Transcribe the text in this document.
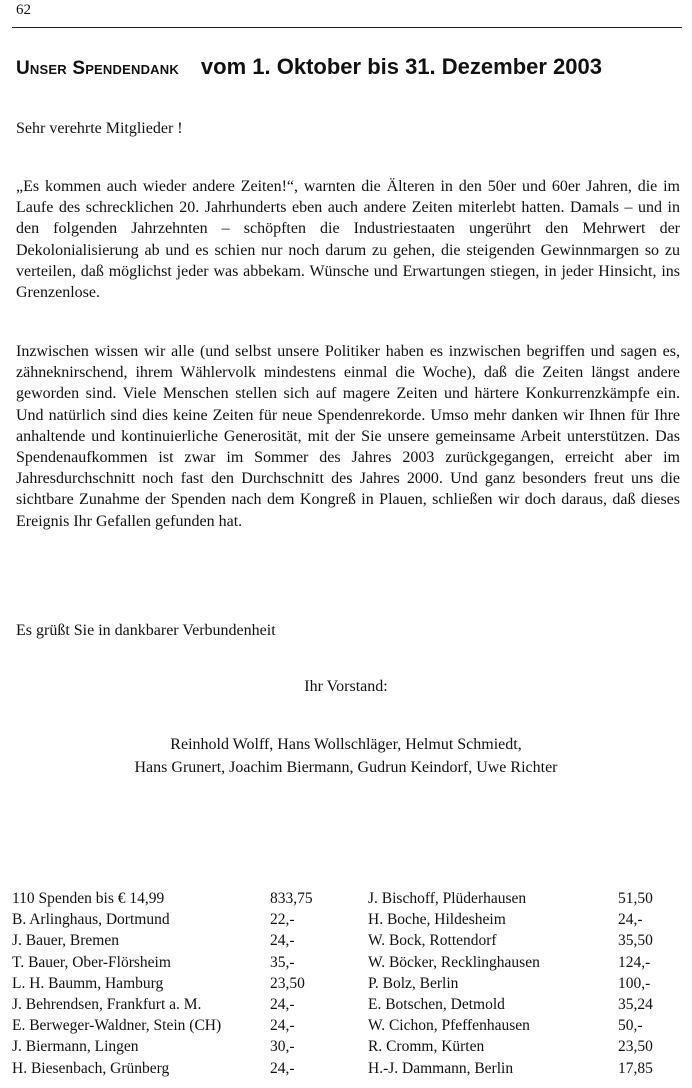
62
Unser Spendendank vom 1. Oktober bis 31. Dezember 2003
Sehr verehrte Mitglieder !

„Es kommen auch wieder andere Zeiten!“, warnten die Älteren in den 50er und 60er Jahren, die im Laufe des schrecklichen 20. Jahrhunderts eben auch andere Zeiten miterlebt hatten. Damals – und in den folgenden Jahrzehnten – schöpften die Industriestaaten ungerührt den Mehrwert der Dekolonialisierung ab und es schien nur noch darum zu gehen, die steigenden Gewinnmargen so zu verteilen, daß möglichst jeder was abbekam. Wünsche und Erwartungen stiegen, in jeder Hinsicht, ins Grenzenlose.

Inzwischen wissen wir alle (und selbst unsere Politiker haben es inzwischen begriffen und sagen es, zähneknirschend, ihrem Wählervolk mindestens einmal die Woche), daß die Zeiten längst andere geworden sind. Viele Menschen stellen sich auf magere Zeiten und härtere Konkurrenzkämpfe ein. Und natürlich sind dies keine Zeiten für neue Spendenrekorde. Umso mehr danken wir Ihnen für Ihre anhaltende und kontinuierliche Generosität, mit der Sie unsere gemeinsame Arbeit unterstützen. Das Spendenaufkommen ist zwar im Sommer des Jahres 2003 zurückgegangen, erreicht aber im Jahresdurchschnitt noch fast den Durchschnitt des Jahres 2000. Und ganz besonders freut uns die sichtbare Zunahme der Spenden nach dem Kongreß in Plauen, schließen wir doch daraus, daß dieses Ereignis Ihr Gefallen gefunden hat.

Es grüßt Sie in dankbarer Verbundenheit
Ihr Vorstand:
Reinhold Wolff, Hans Wollschläger, Helmut Schmiedt,
Hans Grunert, Joachim Biermann, Gudrun Keindorf, Uwe Richter
110 Spenden bis € 14,99	833,75
B. Arlinghaus, Dortmund	22,-
J. Bauer, Bremen	24,-
T. Bauer, Ober-Flörsheim	35,-
L. H. Baumm, Hamburg	23,50
J. Behrendsen, Frankfurt a. M.	24,-
E. Berweger-Waldner, Stein (CH)	24,-
J. Biermann, Lingen	30,-
H. Biesenbach, Grünberg	24,-
J. Bischoff, Plüderhausen	51,50
H. Boche, Hildesheim	24,-
W. Bock, Rottendorf	35,50
W. Böcker, Recklinghausen	124,-
P. Bolz, Berlin	100,-
E. Botschen, Detmold	35,24
W. Cichon, Pfeffenhausen	50,-
R. Cromm, Kürten	23,50
H.-J. Dammann, Berlin	17,85
